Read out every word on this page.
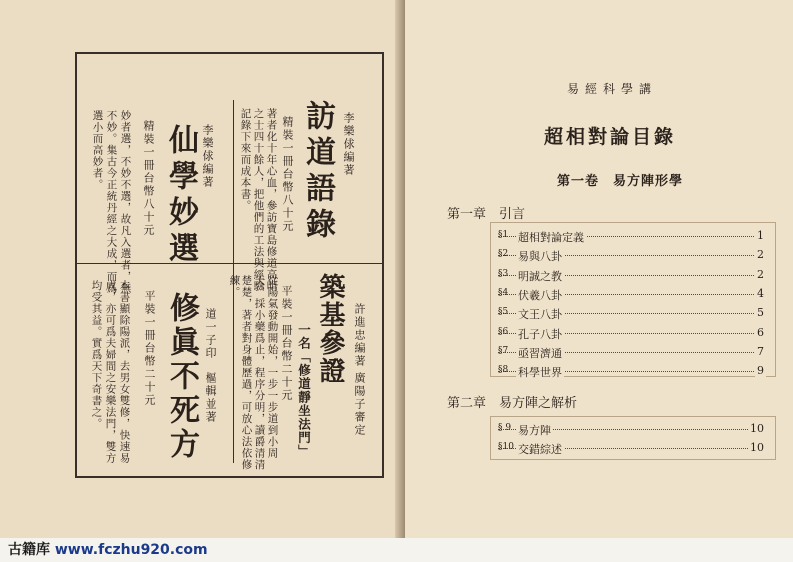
李樂俅編著
訪道語錄
精裝一冊台幣八十元
著者化十年心血，參訪寶島修道高明
之士四十餘人，把他們的工法與經驗
記錄下來而成本書。
李樂俅編著
仙學妙選
精裝一冊台幣八十元
妙者選，不妙不選，故凡入選者，無
不妙。集古今正統丹經之大成，而爲
選小而高妙者。
許進忠編著
廣陽子審定
築基參證
一名「修道靜坐法門」
平裝一冊台幣二十元
從陽氣發動開始，一步一步道到小周
天，採小藥爲止，程序分明，讀爵清清
楚楚，著者對身體歷過，可放心法依修
練。
道一子印
樞輯並著
修眞不死方
平裝一冊台幣二十元
本書顯除陽派，去男女雙修，快速易
成，亦可爲夫婦間之安樂法門，雙方
均受其益。實爲天下奇書之。
易經科學講
超相對論目錄
第一卷　易方陣形學
第一章　引言
第二章　易方陣之解析
§1 超相對論定義	1
§2 易與八卦	2
§3 明誠之教	2
§4 伏羲八卦	4
§5 文王八卦	5
§6 孔子八卦	6
§7 亟習濟通	7
§8 科學世界	9
§ 9 易方陣	10
§10 交錯綜述	10
古籍库 www.fczhu920.com
